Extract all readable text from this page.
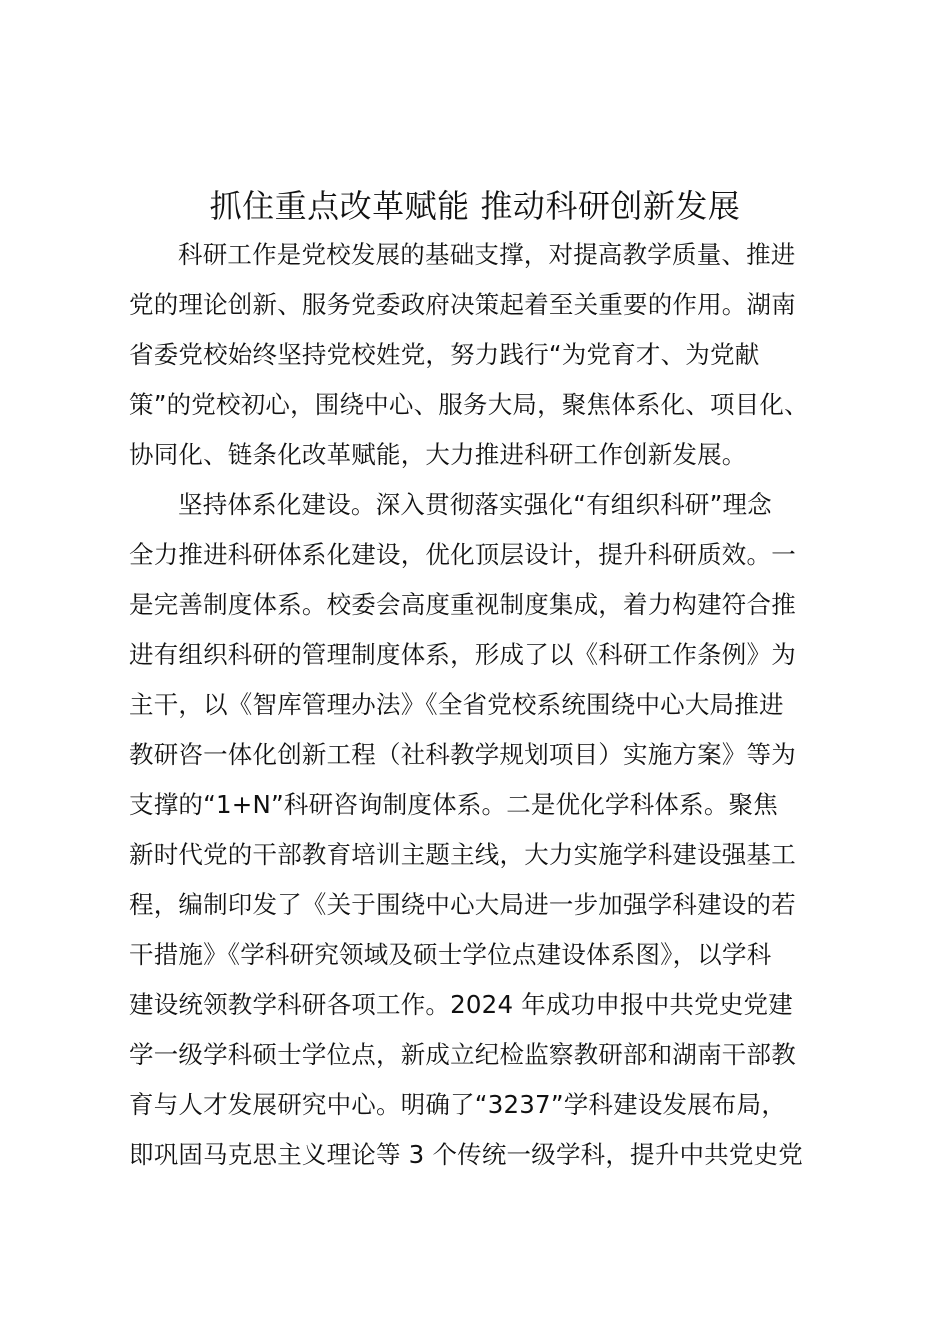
抓住重点改革赋能 推动科研创新发展
科研工作是党校发展的基础支撑，对提高教学质量、推进
党的理论创新、服务党委政府决策起着至关重要的作用。湖南
省委党校始终坚持党校姓党，努力践行“为党育才、为党献
策”的党校初心，围绕中心、服务大局，聚焦体系化、项目化、
协同化、链条化改革赋能，大力推进科研工作创新发展。
坚持体系化建设。深入贯彻落实强化“有组织科研”理念
全力推进科研体系化建设，优化顶层设计，提升科研质效。一
是完善制度体系。校委会高度重视制度集成，着力构建符合推
进有组织科研的管理制度体系，形成了以《科研工作条例》为
主干，以《智库管理办法》《全省党校系统围绕中心大局推进
教研咨一体化创新工程（社科教学规划项目）实施方案》等为
支撑的“1+N”科研咨询制度体系。二是优化学科体系。聚焦
新时代党的干部教育培训主题主线，大力实施学科建设强基工
程，编制印发了《关于围绕中心大局进一步加强学科建设的若
干措施》《学科研究领域及硕士学位点建设体系图》，以学科
建设统领教学科研各项工作。2024 年成功申报中共党史党建
学一级学科硕士学位点，新成立纪检监察教研部和湖南干部教
育与人才发展研究中心。明确了“3237”学科建设发展布局，
即巩固马克思主义理论等 3 个传统一级学科，提升中共党史党
